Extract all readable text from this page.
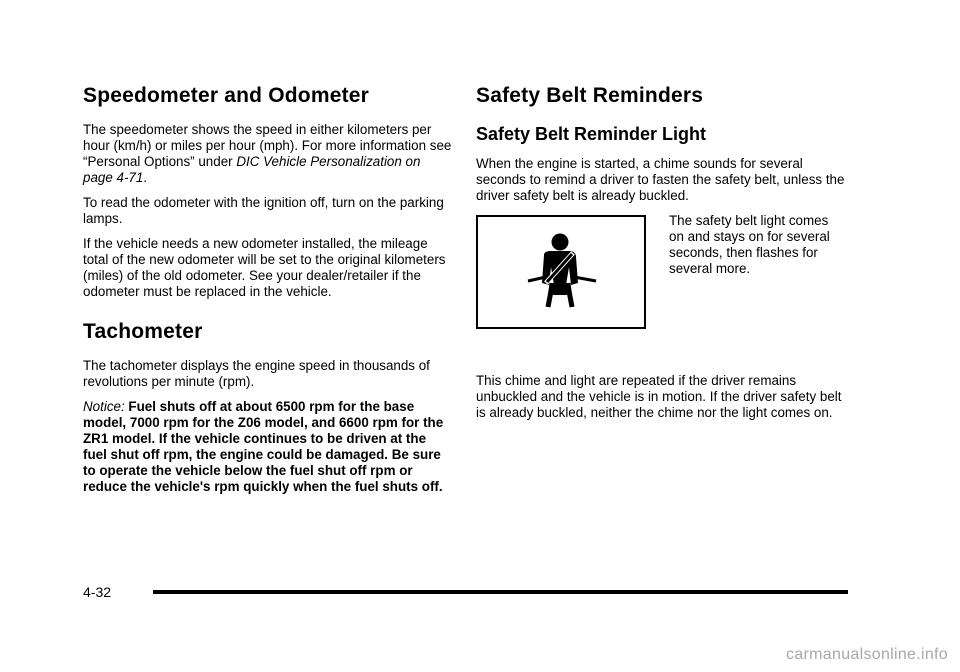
Speedometer and Odometer

The speedometer shows the speed in either kilometers per hour (km/h) or miles per hour (mph). For more information see “Personal Options” under DIC Vehicle Personalization on page 4-71.

To read the odometer with the ignition off, turn on the parking lamps.

If the vehicle needs a new odometer installed, the mileage total of the new odometer will be set to the original kilometers (miles) of the old odometer. See your dealer/retailer if the odometer must be replaced in the vehicle.

Tachometer

The tachometer displays the engine speed in thousands of revolutions per minute (rpm).

Notice: Fuel shuts off at about 6500 rpm for the base model, 7000 rpm for the Z06 model, and 6600 rpm for the ZR1 model. If the vehicle continues to be driven at the fuel shut off rpm, the engine could be damaged. Be sure to operate the vehicle below the fuel shut off rpm or reduce the vehicle's rpm quickly when the fuel shuts off.

Safety Belt Reminders
Safety Belt Reminder Light

When the engine is started, a chime sounds for several seconds to remind a driver to fasten the safety belt, unless the driver safety belt is already buckled.

The safety belt light comes on and stays on for several seconds, then flashes for several more.

This chime and light are repeated if the driver remains unbuckled and the vehicle is in motion. If the driver safety belt is already buckled, neither the chime nor the light comes on.

4-32
carmanualsonline.info
